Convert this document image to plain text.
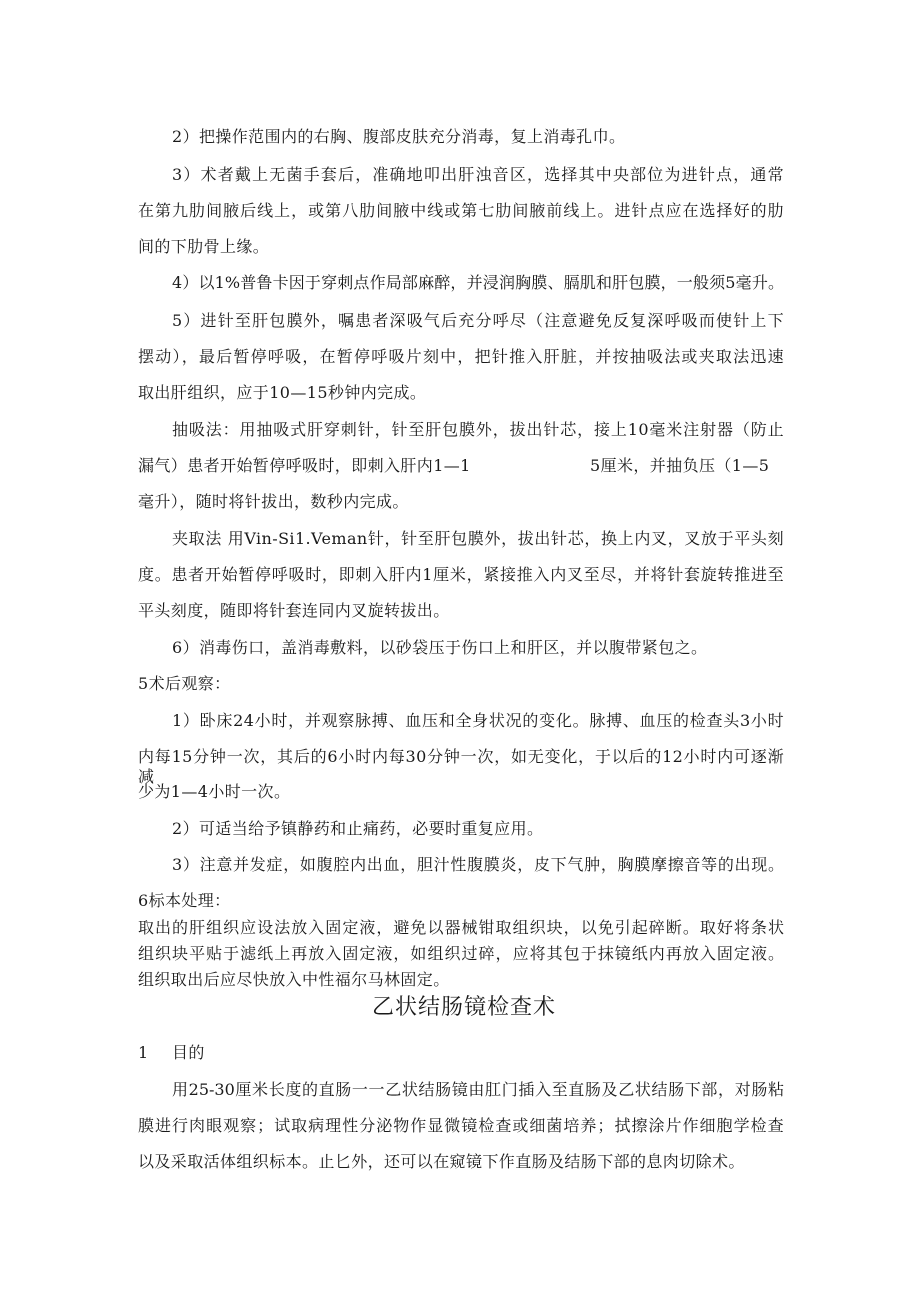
2）把操作范围内的右胸、腹部皮肤充分消毒，复上消毒孔巾。
3）术者戴上无菌手套后，准确地叩出肝浊音区，选择其中央部位为进针点，通常
在第九肋间腋后线上，或第八肋间腋中线或第七肋间腋前线上。进针点应在选择好的肋
间的下肋骨上缘。
4）以1%普鲁卡因于穿刺点作局部麻醉，并浸润胸膜、膈肌和肝包膜，一般须5毫升。
5）进针至肝包膜外，嘱患者深吸气后充分呼尽（注意避免反复深呼吸而使针上下
摆动），最后暂停呼吸，在暂停呼吸片刻中，把针推入肝脏，并按抽吸法或夹取法迅速
取出肝组织，应于10—15秒钟内完成。
抽吸法：用抽吸式肝穿刺针，针至肝包膜外，拔出针芯，接上10毫米注射器（防止
漏气）患者开始暂停呼吸时，即刺入肝内1—1	5厘米，并抽负压（1—5
毫升），随时将针拔出，数秒内完成。
夹取法 用Vin-Si1.Veman针，针至肝包膜外，拔出针芯，换上内叉，叉放于平头刻
度。患者开始暂停呼吸时，即刺入肝内1厘米，紧接推入内叉至尽，并将针套旋转推进至
平头刻度，随即将针套连同内叉旋转拔出。
6）消毒伤口，盖消毒敷料，以砂袋压于伤口上和肝区，并以腹带紧包之。
5术后观察：
1）卧床24小时，并观察脉搏、血压和全身状况的变化。脉搏、血压的检查头3小时
内每15分钟一次，其后的6小时内每30分钟一次，如无变化，于以后的12小时内可逐渐减
少为1—4小时一次。
2）可适当给予镇静药和止痛药，必要时重复应用。
3）注意并发症，如腹腔内出血，胆汁性腹膜炎，皮下气肿，胸膜摩擦音等的出现。
6标本处理：
取出的肝组织应设法放入固定液，避免以器械钳取组织块，以免引起碎断。取好将条状
组织块平贴于滤纸上再放入固定液，如组织过碎，应将其包于抹镜纸内再放入固定液。
组织取出后应尽快放入中性福尔马林固定。
乙状结肠镜检查术
1 目的
用25-30厘米长度的直肠一一乙状结肠镜由肛门插入至直肠及乙状结肠下部，对肠粘
膜进行肉眼观察；试取病理性分泌物作显微镜检查或细菌培养；拭擦涂片作细胞学检查
以及采取活体组织标本。止匕外，还可以在窥镜下作直肠及结肠下部的息肉切除术。
